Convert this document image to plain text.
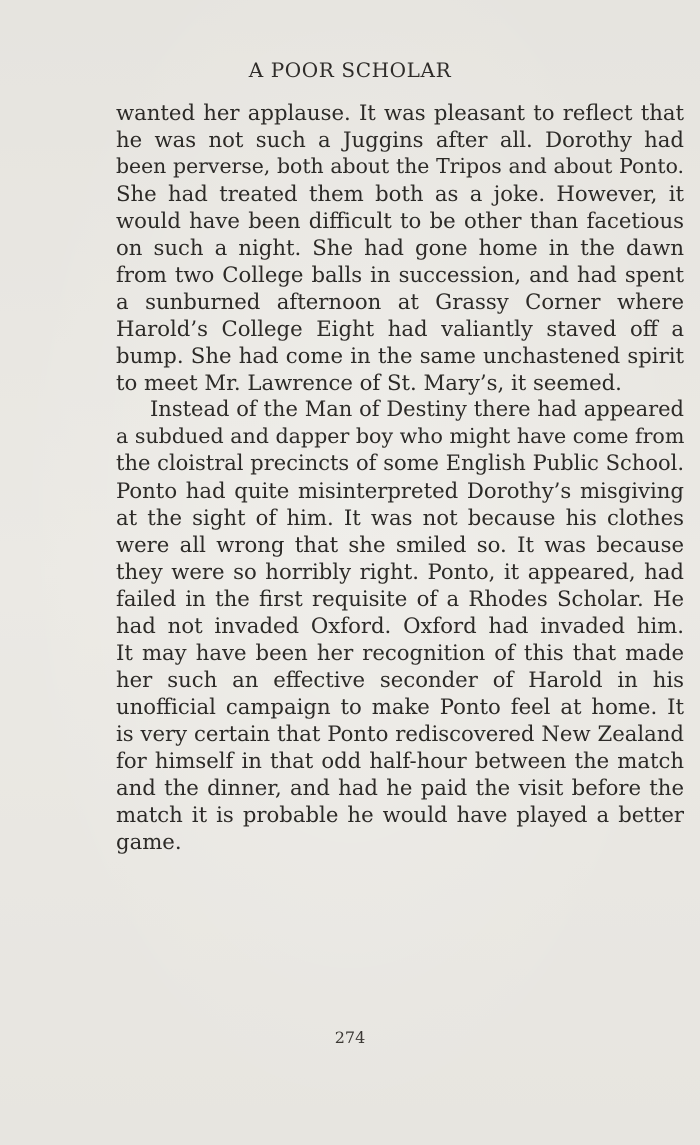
A POOR SCHOLAR
wanted her applause. It was pleasant to reflect that
he was not such a Juggins after all. Dorothy had
been perverse, both about the Tripos and about Ponto.
She had treated them both as a joke. However, it
would have been difficult to be other than facetious
on such a night. She had gone home in the dawn
from two College balls in succession, and had spent
a sunburned afternoon at Grassy Corner where
Harold’s College Eight had valiantly staved off a
bump. She had come in the same unchastened spirit
to meet Mr. Lawrence of St. Mary’s, it seemed.
Instead of the Man of Destiny there had appeared
a subdued and dapper boy who might have come from
the cloistral precincts of some English Public School.
Ponto had quite misinterpreted Dorothy’s misgiving
at the sight of him. It was not because his clothes
were all wrong that she smiled so. It was because
they were so horribly right. Ponto, it appeared, had
failed in the first requisite of a Rhodes Scholar. He
had not invaded Oxford. Oxford had invaded him.
It may have been her recognition of this that made
her such an effective seconder of Harold in his
unofficial campaign to make Ponto feel at home. It
is very certain that Ponto rediscovered New Zealand
for himself in that odd half-hour between the match
and the dinner, and had he paid the visit before the
match it is probable he would have played a better
game.
274
